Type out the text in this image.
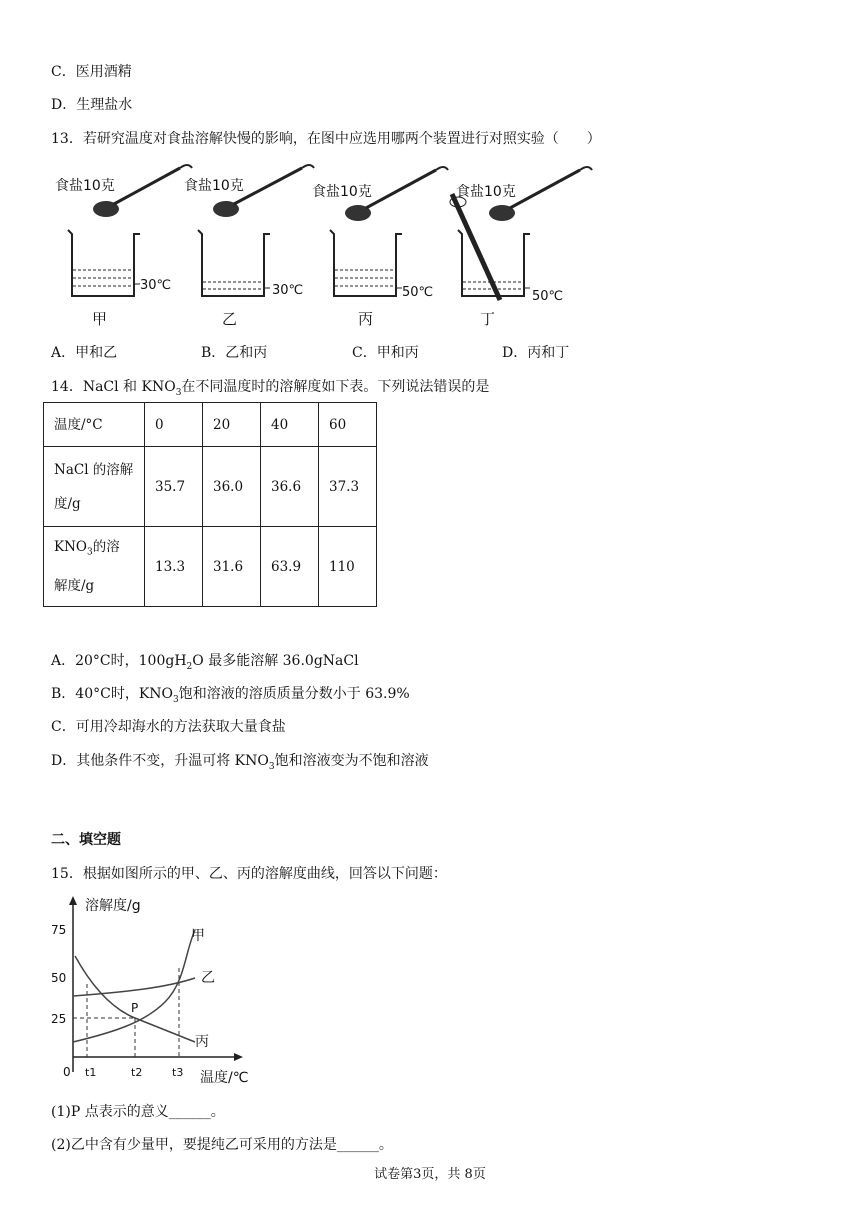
C．医用酒精
D．生理盐水
13．若研究温度对食盐溶解快慢的影响，在图中应选用哪两个装置进行对照实验（　　）
食盐10克
30℃
甲
食盐10克
30℃
乙
食盐10克
50℃
丙
食盐10克
50℃
丁
A．甲和乙	B．乙和丙	C．甲和丙	D．丙和丁
14．NaCl 和 $KNO_3$在不同温度时的溶解度如下表。下列说法错误的是
温度/°C	0	20	40	60
NaCl 的溶解
度/g	35.7	36.0	36.6	37.3
$KNO_3$的溶
解度/g	13.3	31.6	63.9	110
A．20°C时，$100gH_2O$ 最多能溶解 36.0gNaCl
B．40°C时，$KNO_3$饱和溶液的溶质质量分数小于 63.9%
C．可用冷却海水的方法获取大量食盐
D．其他条件不变，升温可将 $KNO_3$饱和溶液变为不饱和溶液
二、填空题
15．根据如图所示的甲、乙、丙的溶解度曲线，回答以下问题：
溶解度/g
温度/℃
0
75
50
25
t1	t2	t3
P
甲
乙
丙
(1)P 点表示的意义______。
(2)乙中含有少量甲，要提纯乙可采用的方法是______。
试卷第3页，共 8页
